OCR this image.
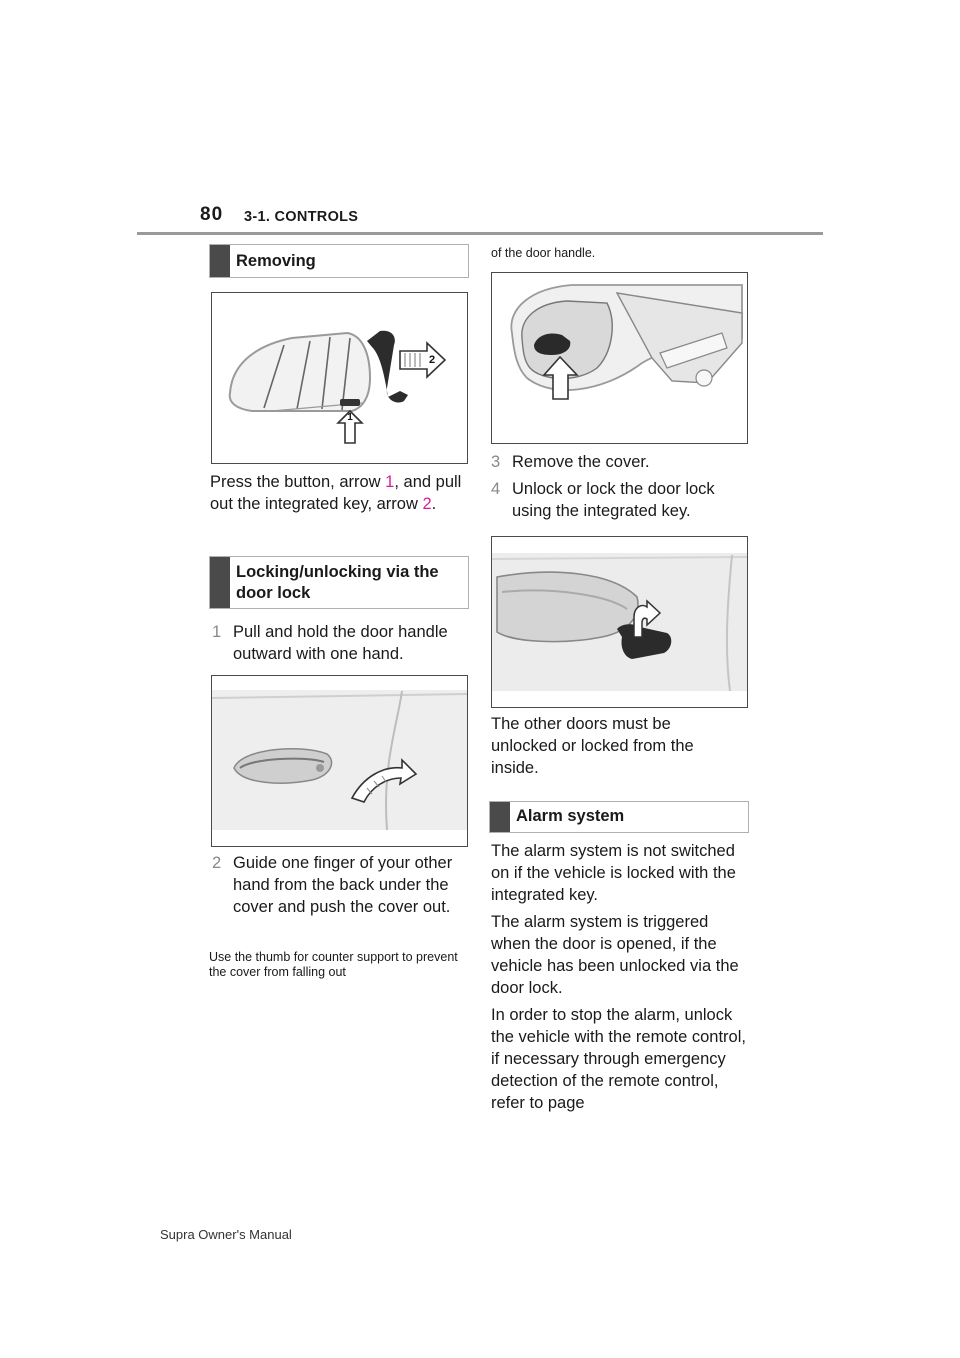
80 3-1. CONTROLS
Removing
1
2
Press the button, arrow 1, and pull out the integrated key, arrow 2.
Locking/unlocking via the door lock
1 Pull and hold the door handle outward with one hand.
2 Guide one finger of your other hand from the back under the cover and push the cover out.
Use the thumb for counter support to prevent the cover from falling out
of the door handle.
3 Remove the cover.
4 Unlock or lock the door lock using the integrated key.
The other doors must be unlocked or locked from the inside.
Alarm system
The alarm system is not switched on if the vehicle is locked with the integrated key.
The alarm system is triggered when the door is opened, if the vehicle has been unlocked via the door lock.
In order to stop the alarm, unlock the vehicle with the remote control, if necessary through emergency detection of the remote control, refer to page
Supra Owner's Manual
